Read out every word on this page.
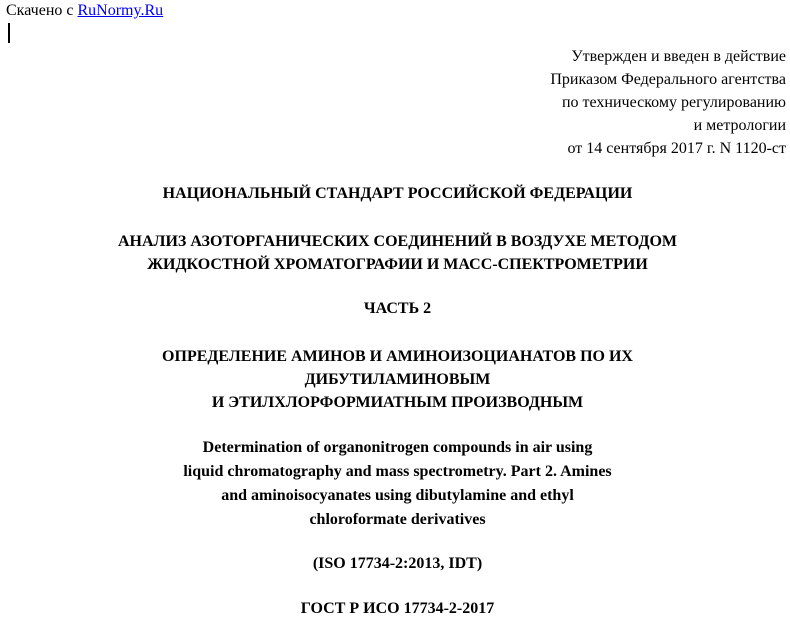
Скачено с RuNormy.Ru
Утвержден и введен в действие
Приказом Федерального агентства
по техническому регулированию
и метрологии
от 14 сентября 2017 г. N 1120-ст
НАЦИОНАЛЬНЫЙ СТАНДАРТ РОССИЙСКОЙ ФЕДЕРАЦИИ
АНАЛИЗ АЗОТОРГАНИЧЕСКИХ СОЕДИНЕНИЙ В ВОЗДУХЕ МЕТОДОМ
ЖИДКОСТНОЙ ХРОМАТОГРАФИИ И МАСС-СПЕКТРОМЕТРИИ
ЧАСТЬ 2
ОПРЕДЕЛЕНИЕ АМИНОВ И АМИНОИЗОЦИАНАТОВ ПО ИХ
ДИБУТИЛАМИНОВЫМ
И ЭТИЛХЛОРФОРМИАТНЫМ ПРОИЗВОДНЫМ
Determination of organonitrogen compounds in air using
liquid chromatography and mass spectrometry. Part 2. Amines
and aminoisocyanates using dibutylamine and ethyl
chloroformate derivatives
(ISO 17734-2:2013, IDT)
ГОСТ Р ИСО 17734-2-2017
